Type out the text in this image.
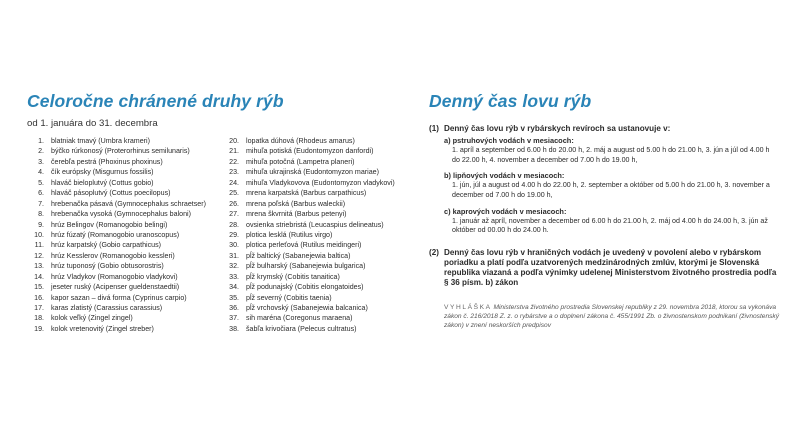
Celoročne chránené druhy rýb
od 1. januára do 31. decembra
1. blatniak tmavý (Umbra krameri)
2. býčko rúrkonosý (Proterorhinus semilunaris)
3. čerebľa pestrá (Phoxinus phoxinus)
4. čík európsky (Misgurnus fossilis)
5. hlaváč bieloplutvý (Cottus gobio)
6. hlaváč pásoplutvý (Cottus poecilopus)
7. hrebenačka pásavá (Gymnocephalus schraetser)
8. hrebenačka vysoká (Gymnocephalus baloni)
9. hrúz Belingov (Romanogobio belingi)
10. hrúz fúzatý (Romanogobio uranoscopus)
11. hrúz karpatský (Gobio carpathicus)
12. hrúz Kesslerov (Romanogobio kessleri)
13. hrúz tuponosý (Gobio obtusorostris)
14. hrúz Vladykov (Romanogobio vladykovi)
15. jeseter ruský (Acipenser gueldenstaedtii)
16. kapor sazan – divá forma (Cyprinus carpio)
17. karas zlatistý (Carassius carassius)
18. kolok veľký (Zingel zingel)
19. kolok vretenovitý (Zingel streber)
20. lopatka dúhová (Rhodeus amarus)
21. mihuľa potiská (Eudontomyzon danfordi)
22. mihuľa potočná (Lampetra planeri)
23. mihuľa ukrajinská (Eudontomyzon mariae)
24. mihuľa Vladykovova (Eudontomyzon vladykovi)
25. mrena karpatská (Barbus carpathicus)
26. mrena poľská (Barbus waleckii)
27. mrena škvrnitá (Barbus petenyi)
28. ovsienka striebristá (Leucaspius delineatus)
29. plotica lesklá (Rutilus virgo)
30. plotica perleťová (Rutilus meidingeri)
31. pĺž baltický (Sabanejewia baltica)
32. pĺž bulharský (Sabanejewia bulgarica)
33. pĺž krymský (Cobitis tanaitica)
34. pĺž podunajský (Cobitis elongatoides)
35. pĺž severný (Cobitis taenia)
36. pĺž vrchovský (Sabanejewia balcanica)
37. sih maréna (Coregonus maraena)
38. šabľa krivočiara (Pelecus cultratus)
Denný čas lovu rýb
(1) Denný čas lovu rýb v rybárskych revíroch sa ustanovuje v:
a) pstruhových vodách v mesiacoch:
1. apríl a september od 6.00 h do 20.00 h, 2. máj a august od 5.00 h do 21.00 h, 3. jún a júl od 4.00 h do 22.00 h, 4. november a december od 7.00 h do 19.00 h,
b) lipňových vodách v mesiacoch:
1. jún, júl a august od 4.00 h do 22.00 h, 2. september a október od 5.00 h do 21.00 h, 3. november a december od 7.00 h do 19.00 h,
c) kaprových vodách v mesiacoch:
1. január až apríl, november a december od 6.00 h do 21.00 h, 2. máj od 4.00 h do 24.00 h, 3. jún až október od 00.00 h do 24.00 h.
(2) Denný čas lovu rýb v hraničných vodách je uvedený v povolení alebo v rybárskom poriadku a platí podľa uzatvorených medzinárodných zmlúv, ktorými je Slovenská republika viazaná a podľa výnimky udelenej Ministerstvom životného prostredia podľa § 36 písm. b) zákon
VYHLÁŠKA Ministerstva životného prostredia Slovenskej republiky z 29. novembra 2018, ktorou sa vykonáva zákon č. 216/2018 Z. z. o rybárstve a o doplnení zákona č. 455/1991 Zb. o živnostenskom podnikaní (živnostenský zákon) v znení neskorších predpisov
